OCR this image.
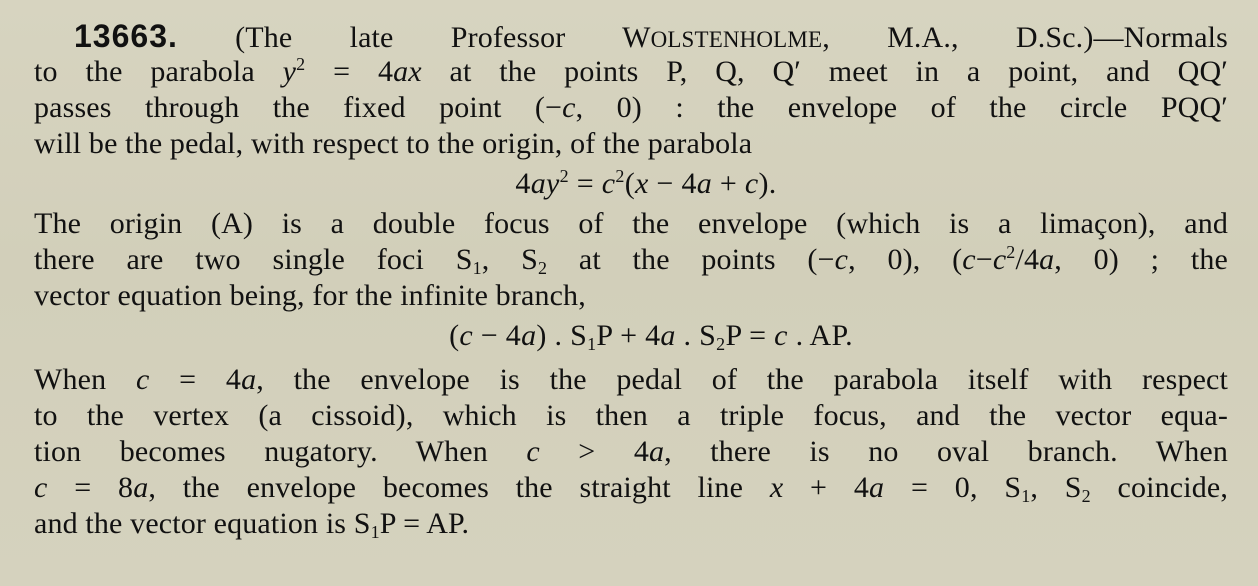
13663. (The late Professor WOLSTENHOLME, M.A., D.Sc.)—Normals
to the parabola $y^2 = 4ax$ at the points P, Q, Q′ meet in a point, and QQ′
passes through the fixed point (−c, 0) : the envelope of the circle PQQ′
will be the pedal, with respect to the origin, of the parabola
$4ay^2 = c^2(x - 4a + c)$.
The origin (A) is a double focus of the envelope (which is a limaçon), and
there are two single foci $S_1$, $S_2$ at the points (−c, 0), ($c-c^2/4a$, 0) ; the
vector equation being, for the infinite branch,
(c − 4a) . $S_1P + 4a$ . $S_2P = c$ . AP.
When c = 4a, the envelope is the pedal of the parabola itself with respect
to the vertex (a cissoid), which is then a triple focus, and the vector equa-
tion becomes nugatory. When c > 4a, there is no oval branch. When
c = 8a, the envelope becomes the straight line x + 4a = 0, $S_1$, $S_2$ coincide,
and the vector equation is $S_1P$ = AP.
